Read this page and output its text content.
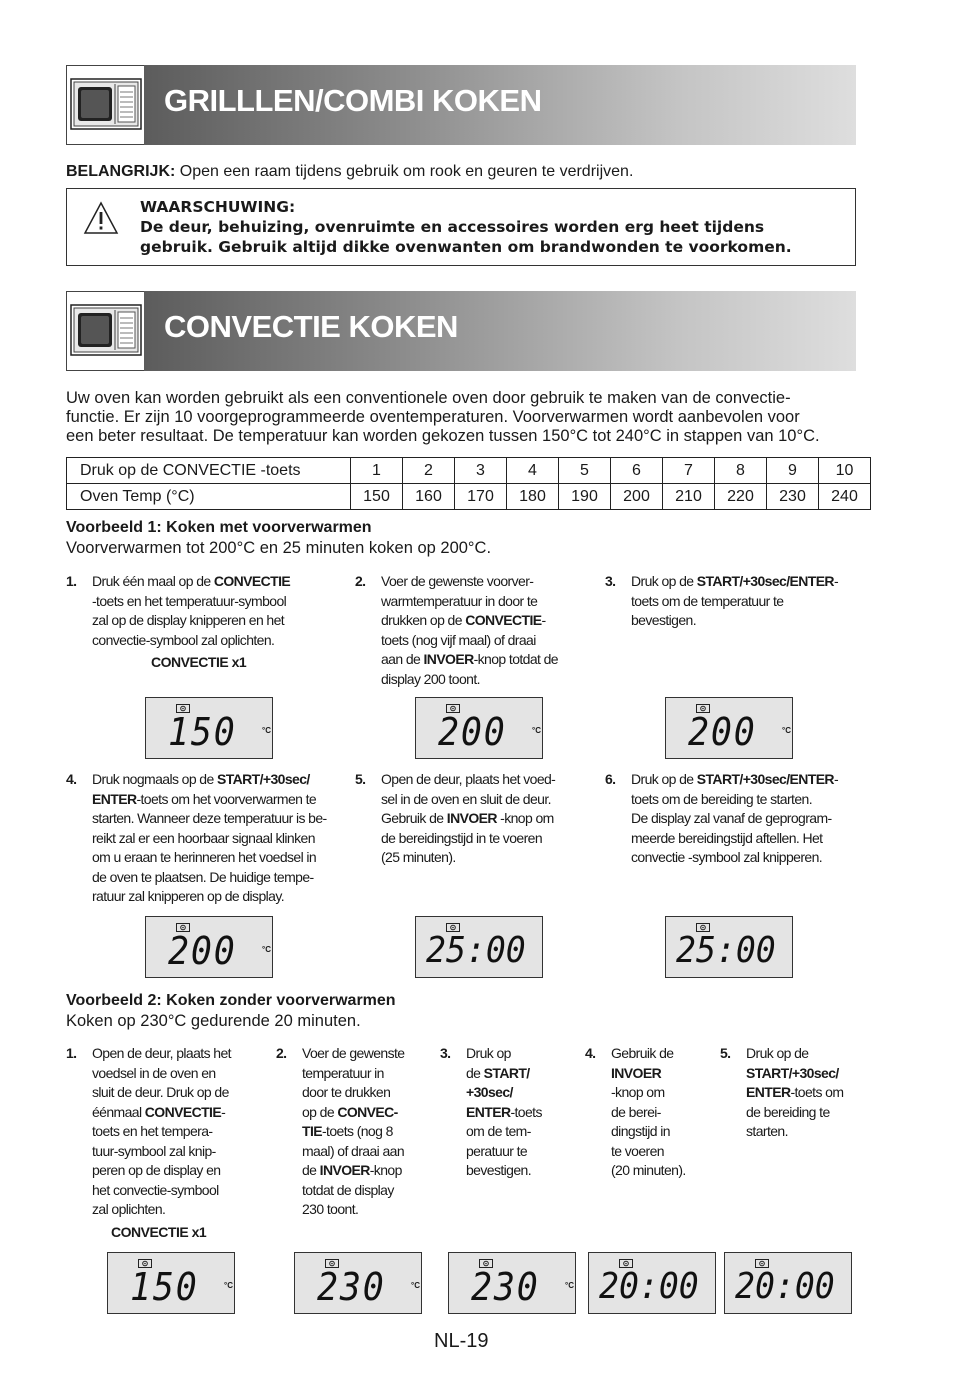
GRILLLEN/COMBI KOKEN
BELANGRIJK: Open een raam tijdens gebruik om rook en geuren te verdrijven.
WAARSCHUWING:
De deur, behuizing, ovenruimte en accessoires worden erg heet tijdens
gebruik. Gebruik altijd dikke ovenwanten om brandwonden te voorkomen.
CONVECTIE KOKEN
Uw oven kan worden gebruikt als een conventionele oven door gebruik te maken van de convectie-
functie. Er zijn 10 voorgeprogrammeerde oventemperaturen. Voorverwarmen wordt aanbevolen voor
een beter resultaat. De temperatuur kan worden gekozen tussen 150°C tot 240°C in stappen van 10°C.
Druk op de CONVECTIE -toets	1	2	3	4	5	6	7	8	9	10
Oven Temp (°C)	150	160	170	180	190	200	210	220	230	240
Voorbeeld 1: Koken met voorverwarmen
Voorverwarmen tot 200°C en 25 minuten koken op 200°C.
1. Druk één maal op de CONVECTIE
-toets en het temperatuur-symbool
zal op de display knipperen en het
convectie-symbool zal oplichten.
2. Voer de gewenste voorver-
warmtemperatuur in door te
drukken op de CONVECTIE-
toets (nog vijf maal) of draai
aan de INVOER-knop totdat de
display 200 toont.
3. Druk op de START/+30sec/ENTER-
toets om de temperatuur te
bevestigen.
CONVECTIE x1
150	°C	200	°C	200	°C
4. Druk nogmaals op de START/+30sec/
ENTER-toets om het voorverwarmen te
starten. Wanneer deze temperatuur is be-
reikt zal er een hoorbaar signaal klinken
om u eraan te herinneren het voedsel in
de oven te plaatsen. De huidige tempe-
ratuur zal knipperen op de display.
5. Open de deur, plaats het voed-
sel in de oven en sluit de deur.
Gebruik de INVOER -knop om
de bereidingstijd in te voeren
(25 minuten).
6. Druk op de START/+30sec/ENTER-
toets om de bereiding te starten.
De display zal vanaf de geprogram-
meerde bereidingstijd aftellen. Het
convectie -symbool zal knipperen.
200	°C	25:00	25:00
Voorbeeld 2: Koken zonder voorverwarmen
Koken op 230°C gedurende 20 minuten.
1. Open de deur, plaats het
voedsel in de oven en
sluit de deur. Druk op de
éénmaal CONVECTIE-
toets en het tempera-
tuur-symbool zal knip-
peren op de display en
het convectie-symbool
zal oplichten.
2. Voer de gewenste
temperatuur in
door te drukken
op de CONVEC-
TIE-toets (nog 8
maal) of draai aan
de INVOER-knop
totdat de display
230 toont.
3. Druk op
de START/
+30sec/
ENTER-toets
om de tem-
peratuur te
bevestigen.
4. Gebruik de
INVOER
-knop om
de berei-
dingstijd in
te voeren
(20 minuten).
5. Druk op de
START/+30sec/
ENTER-toets om
de bereiding te
starten.
CONVECTIE x1
150	°C 230	°C 230	°C 20:00 20:00
NL-19
